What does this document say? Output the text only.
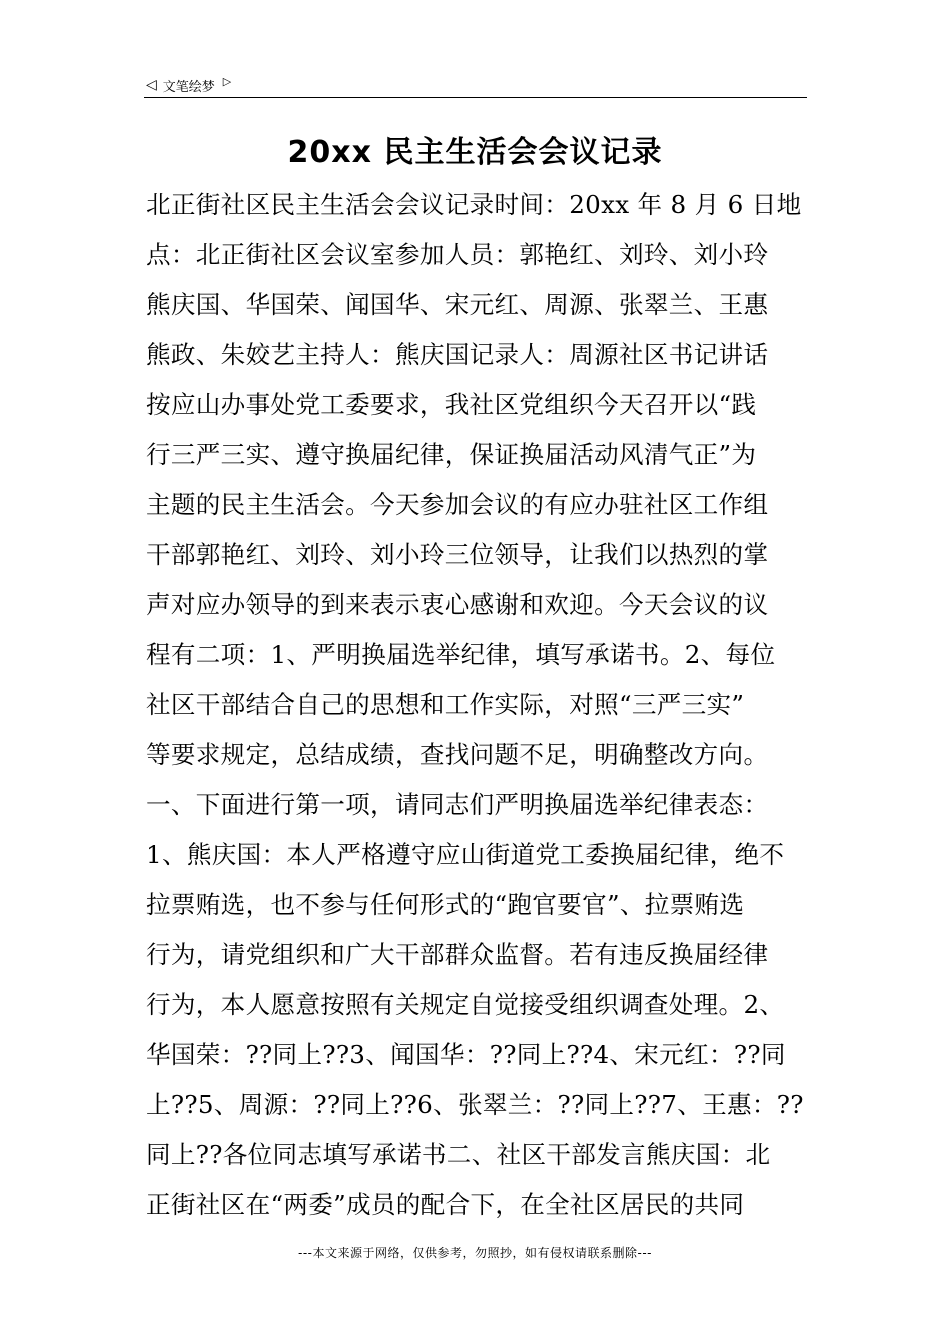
◁ 文笔绘梦 ▷
20xx 民主生活会会议记录
北正街社区民主生活会会议记录时间：20xx 年 8 月 6 日地
点：北正街社区会议室参加人员：郭艳红、刘玲、刘小玲
熊庆国、华国荣、闻国华、宋元红、周源、张翠兰、王惠
熊政、朱姣艺主持人：熊庆国记录人：周源社区书记讲话
按应山办事处党工委要求，我社区党组织今天召开以“践
行三严三实、遵守换届纪律，保证换届活动风清气正”为
主题的民主生活会。今天参加会议的有应办驻社区工作组
干部郭艳红、刘玲、刘小玲三位领导，让我们以热烈的掌
声对应办领导的到来表示衷心感谢和欢迎。今天会议的议
程有二项：1、严明换届选举纪律，填写承诺书。2、每位
社区干部结合自己的思想和工作实际，对照“三严三实”
等要求规定，总结成绩，查找问题不足，明确整改方向。
一、下面进行第一项，请同志们严明换届选举纪律表态：
1、熊庆国：本人严格遵守应山街道党工委换届纪律，绝不
拉票贿选，也不参与任何形式的“跑官要官”、拉票贿选
行为，请党组织和广大干部群众监督。若有违反换届经律
行为，本人愿意按照有关规定自觉接受组织调查处理。2、
华国荣：??同上??3、闻国华：??同上??4、宋元红：??同
上??5、周源：??同上??6、张翠兰：??同上??7、王惠：??
同上??各位同志填写承诺书二、社区干部发言熊庆国：北
正街社区在“两委”成员的配合下，在全社区居民的共同
---本文来源于网络，仅供参考，勿照抄，如有侵权请联系删除---
